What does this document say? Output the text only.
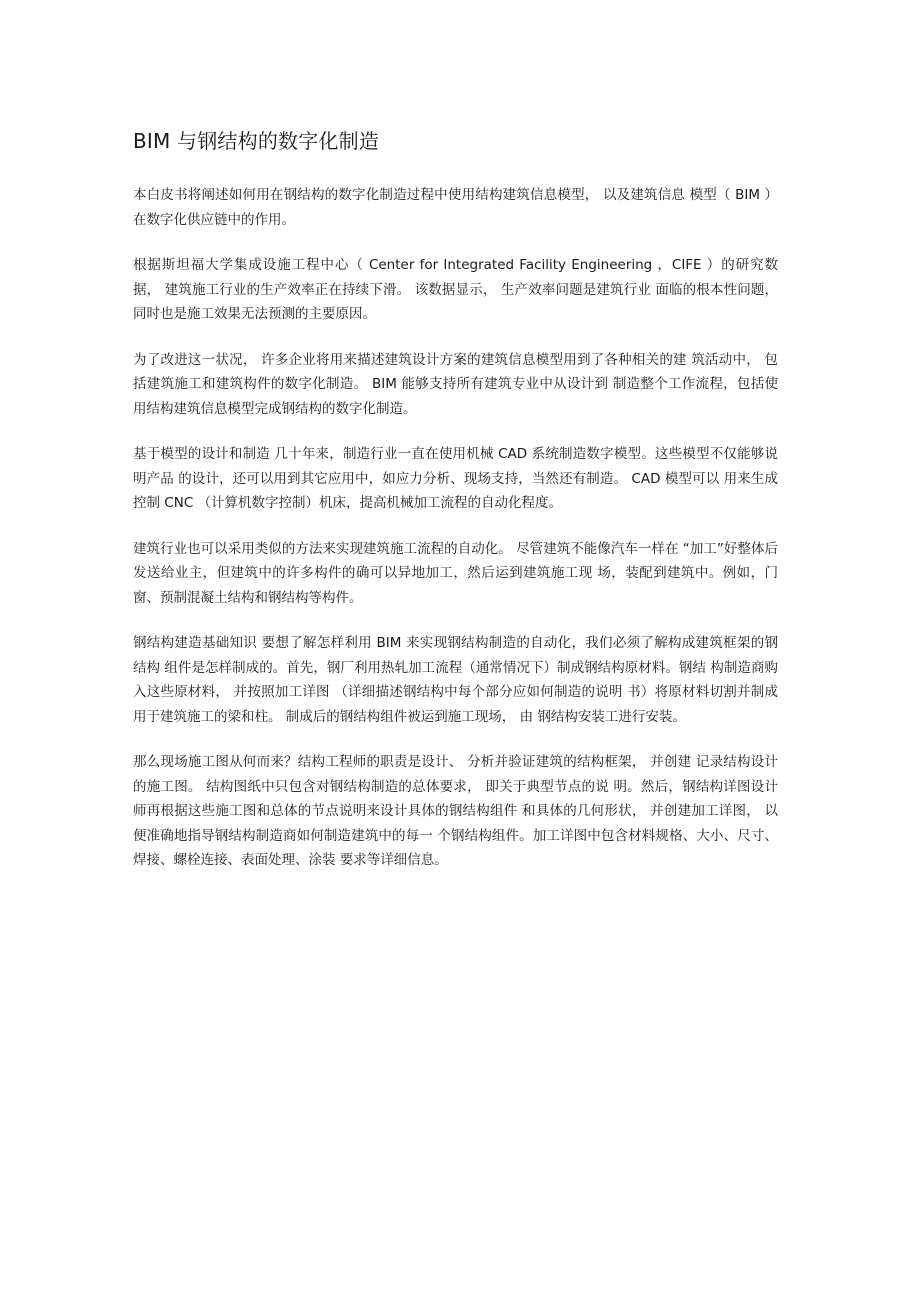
BIM 与钢结构的数字化制造

本白皮书将阐述如何用在钢结构的数字化制造过程中使用结构建筑信息模型， 以及建筑信息 模型（ BIM ）在数字化供应链中的作用。

根据斯坦福大学集成设施工程中心（ Center for Integrated Facility Engineering ，CIFE ）的研究数据， 建筑施工行业的生产效率正在持续下滑。 该数据显示， 生产效率问题是建筑行业 面临的根本性问题，同时也是施工效果无法预测的主要原因。

为了改进这一状况， 许多企业将用来描述建筑设计方案的建筑信息模型用到了各种相关的建 筑活动中， 包括建筑施工和建筑构件的数字化制造。 BIM 能够支持所有建筑专业中从设计到 制造整个工作流程，包括使用结构建筑信息模型完成钢结构的数字化制造。

基于模型的设计和制造 几十年来，制造行业一直在使用机械 CAD 系统制造数字模型。这些模型不仅能够说明产品 的设计，还可以用到其它应用中，如应力分析、现场支持，当然还有制造。 CAD 模型可以 用来生成控制 CNC （计算机数字控制）机床，提高机械加工流程的自动化程度。

建筑行业也可以采用类似的方法来实现建筑施工流程的自动化。 尽管建筑不能像汽车一样在 “加工”好整体后发送给业主，但建筑中的许多构件的确可以异地加工，然后运到建筑施工现 场，装配到建筑中。例如，门窗、预制混凝土结构和钢结构等构件。

钢结构建造基础知识 要想了解怎样利用 BIM 来实现钢结构制造的自动化，我们必须了解构成建筑框架的钢结构 组件是怎样制成的。首先，钢厂利用热轧加工流程（通常情况下）制成钢结构原材料。钢结 构制造商购入这些原材料， 并按照加工详图 （详细描述钢结构中每个部分应如何制造的说明 书）将原材料切割并制成用于建筑施工的梁和柱。 制成后的钢结构组件被运到施工现场， 由 钢结构安装工进行安装。

那么现场施工图从何而来？结构工程师的职责是设计、 分析并验证建筑的结构框架， 并创建 记录结构设计的施工图。 结构图纸中只包含对钢结构制造的总体要求， 即关于典型节点的说 明。然后，钢结构详图设计师再根据这些施工图和总体的节点说明来设计具体的钢结构组件 和具体的几何形状， 并创建加工详图， 以便准确地指导钢结构制造商如何制造建筑中的每一 个钢结构组件。加工详图中包含材料规格、大小、尺寸、焊接、螺栓连接、表面处理、涂装 要求等详细信息。
